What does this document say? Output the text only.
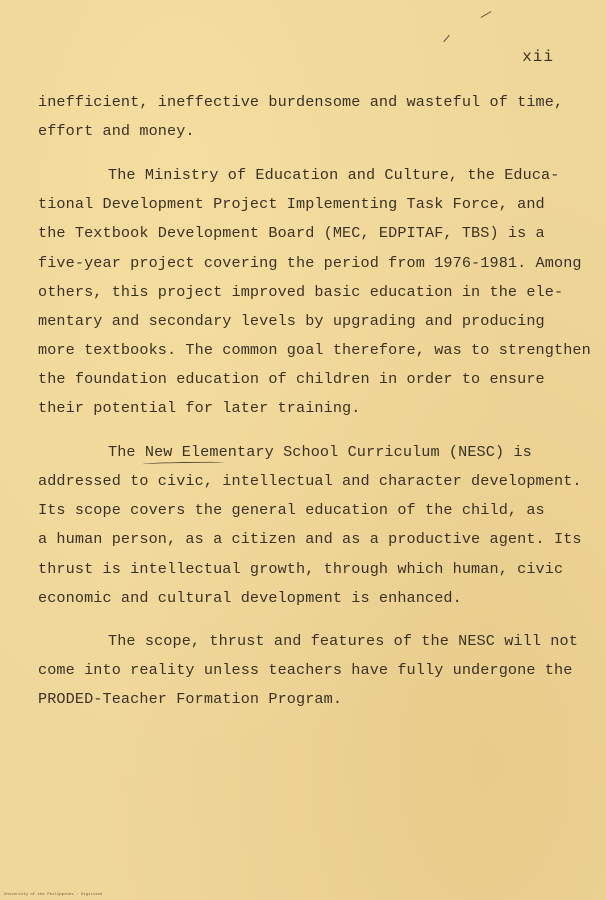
xii
inefficient, ineffective burdensome and wasteful of time,
effort and money.
The Ministry of Education and Culture, the Educa-
tional Development Project Implementing Task Force, and
the Textbook Development Board (MEC, EDPITAF, TBS) is a
five-year project covering the period from 1976-1981. Among
others, this project improved basic education in the ele-
mentary and secondary levels by upgrading and producing
more textbooks. The common goal therefore, was to strengthen
the foundation education of children in order to ensure
their potential for later training.
The New Elementary School Curriculum (NESC) is
addressed to civic, intellectual and character development.
Its scope covers the general education of the child, as
a human person, as a citizen and as a productive agent. Its
thrust is intellectual growth, through which human, civic
economic and cultural development is enhanced.
The scope, thrust and features of the NESC will not
come into reality unless teachers have fully undergone the
PRODED-Teacher Formation Program.
University of the Philippines · Digitized
